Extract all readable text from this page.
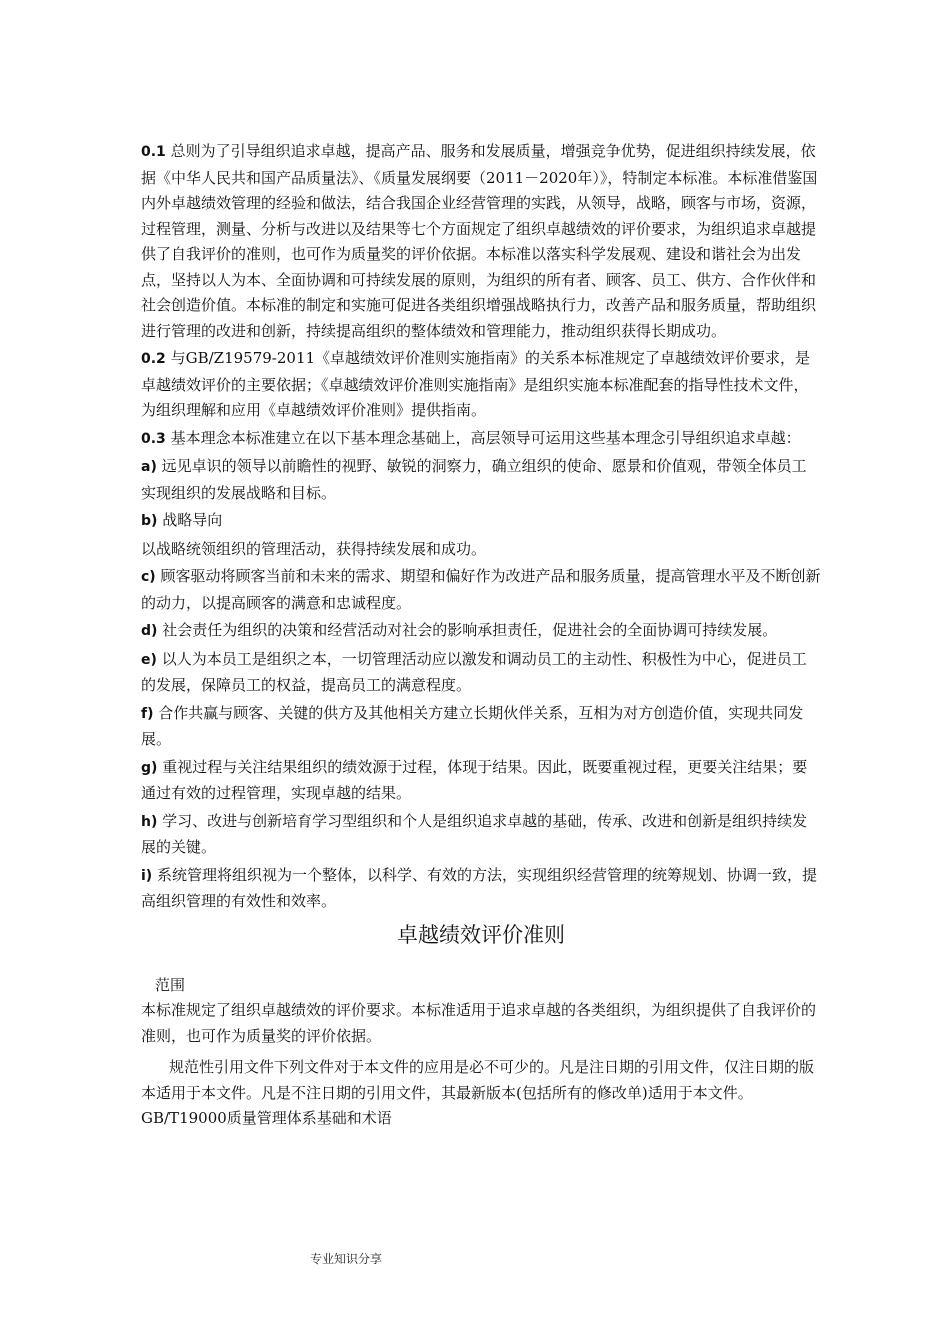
0.1 总则为了引导组织追求卓越，提高产品、服务和发展质量，增强竞争优势，促进组织持续发展，依据《中华人民共和国产品质量法》、《质量发展纲要（2011－2020年）》，特制定本标准。本标准借鉴国内外卓越绩效管理的经验和做法，结合我国企业经营管理的实践，从领导，战略，顾客与市场，资源，过程管理，测量、分析与改进以及结果等七个方面规定了组织卓越绩效的评价要求，为组织追求卓越提供了自我评价的准则，也可作为质量奖的评价依据。本标准以落实科学发展观、建设和谐社会为出发点，坚持以人为本、全面协调和可持续发展的原则，为组织的所有者、顾客、员工、供方、合作伙伴和社会创造价值。本标准的制定和实施可促进各类组织增强战略执行力，改善产品和服务质量，帮助组织进行管理的改进和创新，持续提高组织的整体绩效和管理能力，推动组织获得长期成功。

0.2 与GB/Z19579-2011《卓越绩效评价准则实施指南》的关系本标准规定了卓越绩效评价要求，是卓越绩效评价的主要依据；《卓越绩效评价准则实施指南》是组织实施本标准配套的指导性技术文件，为组织理解和应用《卓越绩效评价准则》提供指南。

0.3 基本理念本标准建立在以下基本理念基础上，高层领导可运用这些基本理念引导组织追求卓越：

a) 远见卓识的领导以前瞻性的视野、敏锐的洞察力，确立组织的使命、愿景和价值观，带领全体员工实现组织的发展战略和目标。

b) 战略导向

以战略统领组织的管理活动，获得持续发展和成功。

c) 顾客驱动将顾客当前和未来的需求、期望和偏好作为改进产品和服务质量，提高管理水平及不断创新的动力，以提高顾客的满意和忠诚程度。

d) 社会责任为组织的决策和经营活动对社会的影响承担责任，促进社会的全面协调可持续发展。

e) 以人为本员工是组织之本，一切管理活动应以激发和调动员工的主动性、积极性为中心，促进员工的发展，保障员工的权益，提高员工的满意程度。

f) 合作共赢与顾客、关键的供方及其他相关方建立长期伙伴关系，互相为对方创造价值，实现共同发展。

g) 重视过程与关注结果组织的绩效源于过程，体现于结果。因此，既要重视过程，更要关注结果；要通过有效的过程管理，实现卓越的结果。

h) 学习、改进与创新培育学习型组织和个人是组织追求卓越的基础，传承、改进和创新是组织持续发展的关键。

i) 系统管理将组织视为一个整体，以科学、有效的方法，实现组织经营管理的统筹规划、协调一致，提高组织管理的有效性和效率。

卓越绩效评价准则

范围

本标准规定了组织卓越绩效的评价要求。本标准适用于追求卓越的各类组织，为组织提供了自我评价的准则，也可作为质量奖的评价依据。

规范性引用文件下列文件对于本文件的应用是必不可少的。凡是注日期的引用文件，仅注日期的版本适用于本文件。凡是不注日期的引用文件，其最新版本(包括所有的修改单)适用于本文件。GB/T19000质量管理体系基础和术语

专业知识分享
